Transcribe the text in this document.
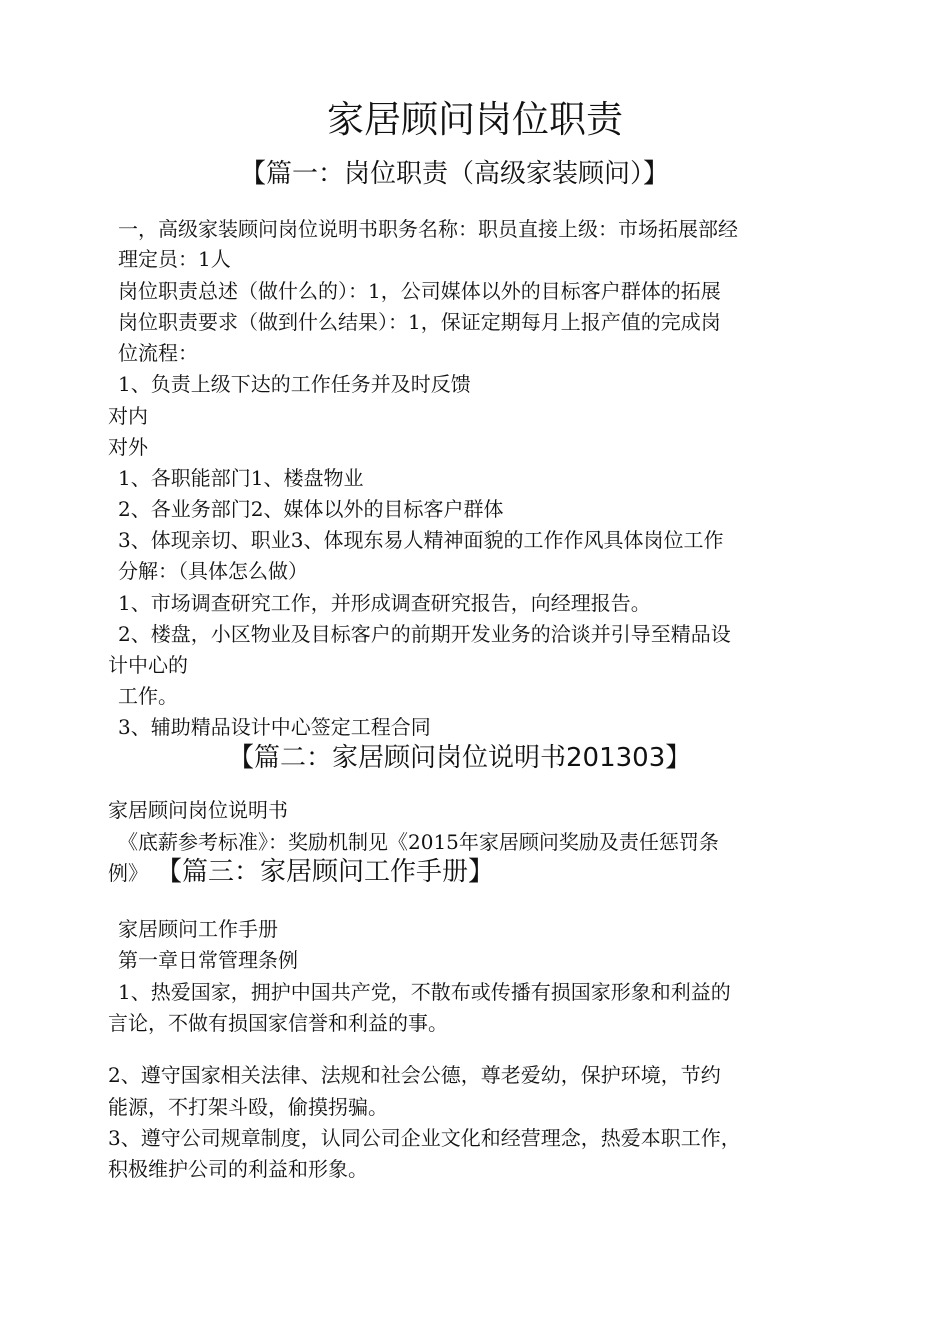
家居顾问岗位职责
【篇一：岗位职责（高级家装顾问）】
一，高级家装顾问岗位说明书职务名称：职员直接上级：市场拓展部经
理定员：1人
岗位职责总述（做什么的）：1，公司媒体以外的目标客户群体的拓展
岗位职责要求（做到什么结果）：1，保证定期每月上报产值的完成岗
位流程：
1、负责上级下达的工作任务并及时反馈
对内
对外
1、各职能部门1、楼盘物业
2、各业务部门2、媒体以外的目标客户群体
3、体现亲切、职业3、体现东易人精神面貌的工作作风具体岗位工作
分解：（具体怎么做）
1、市场调查研究工作，并形成调查研究报告，向经理报告。
2、楼盘，小区物业及目标客户的前期开发业务的洽谈并引导至精品设
计中心的
工作。
3、辅助精品设计中心签定工程合同
【篇二：家居顾问岗位说明书201303】
家居顾问岗位说明书
《底薪参考标准》：奖励机制见《2015年家居顾问奖励及责任惩罚条
例》 【篇三：家居顾问工作手册】
家居顾问工作手册
第一章日常管理条例
1、热爱国家，拥护中国共产党，不散布或传播有损国家形象和利益的
言论，不做有损国家信誉和利益的事。
2、遵守国家相关法律、法规和社会公德，尊老爱幼，保护环境，节约
能源，不打架斗殴，偷摸拐骗。
3、遵守公司规章制度，认同公司企业文化和经营理念，热爱本职工作，
积极维护公司的利益和形象。
